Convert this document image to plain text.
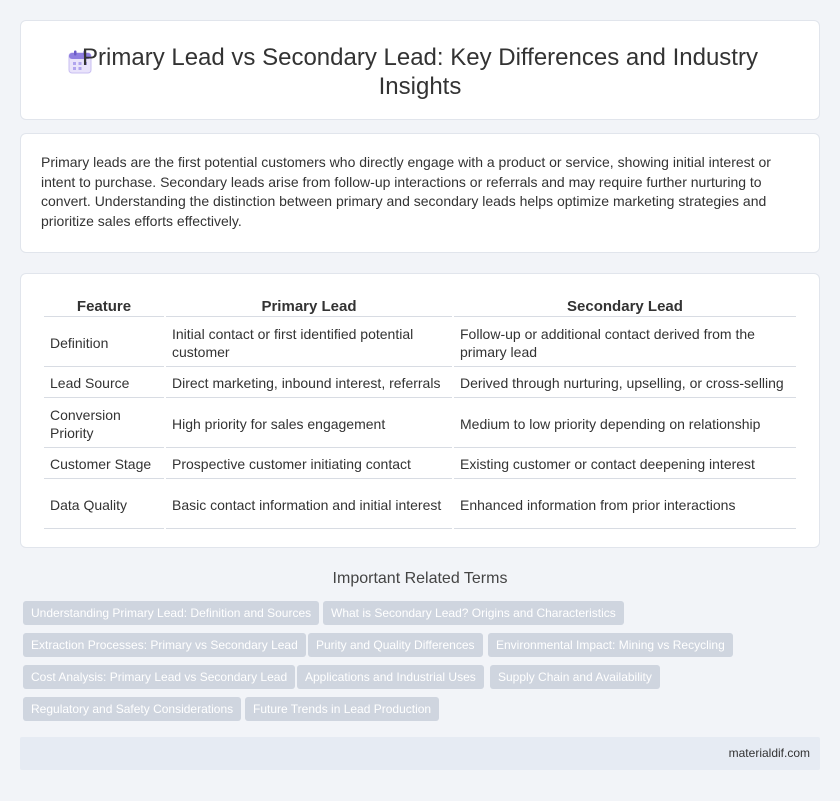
Primary Lead vs Secondary Lead: Key Differences and Industry Insights

Primary leads are the first potential customers who directly engage with a product or service, showing initial interest or intent to purchase. Secondary leads arise from follow-up interactions or referrals and may require further nurturing to convert. Understanding the distinction between primary and secondary leads helps optimize marketing strategies and prioritize sales efforts effectively.

Feature	Primary Lead	Secondary Lead
Definition	Initial contact or first identified potential customer	Follow-up or additional contact derived from the primary lead
Lead Source	Direct marketing, inbound interest, referrals	Derived through nurturing, upselling, or cross-selling
Conversion Priority	High priority for sales engagement	Medium to low priority depending on relationship
Customer Stage	Prospective customer initiating contact	Existing customer or contact deepening interest
Data Quality	Basic contact information and initial interest	Enhanced information from prior interactions
Important Related Terms
Understanding Primary Lead: Definition and Sources	What is Secondary Lead? Origins and Characteristics
Extraction Processes: Primary vs Secondary Lead	Purity and Quality Differences	Environmental Impact: Mining vs Recycling
Cost Analysis: Primary Lead vs Secondary Lead	Applications and Industrial Uses	Supply Chain and Availability
Regulatory and Safety Considerations	Future Trends in Lead Production
materialdif.com
